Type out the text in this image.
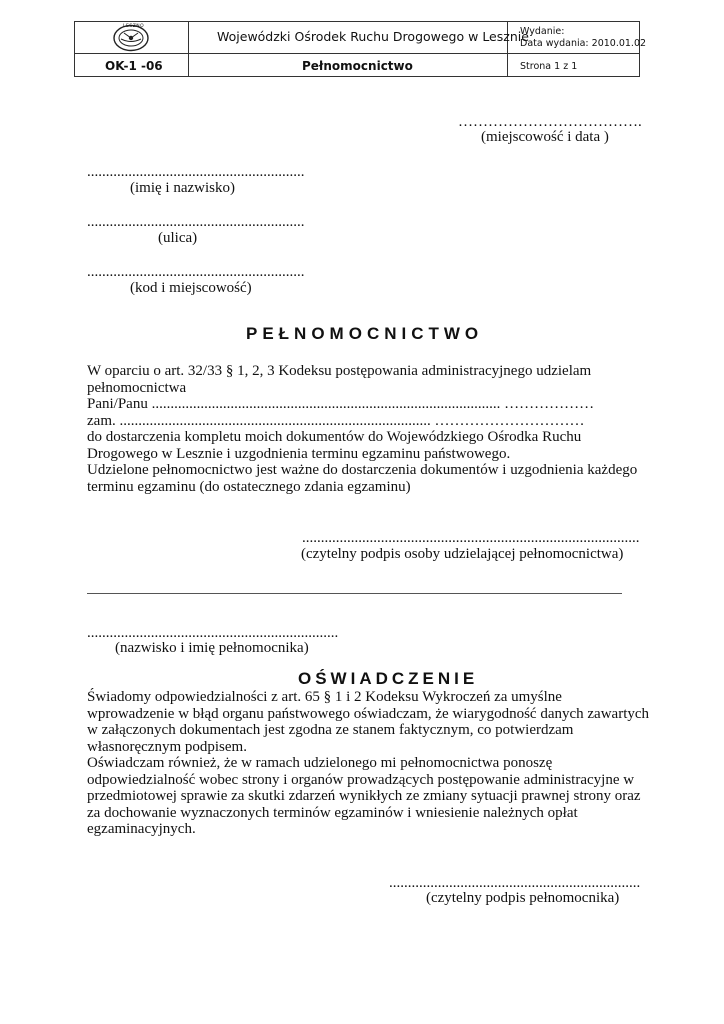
LESZNO
Wojewódzki Ośrodek Ruchu Drogowego w Lesznie
Wydanie:
Data wydania: 2010.01.02
OK-1 -06	Pełnomocnictwo	Strona 1 z 1
……………………………….
(miejscowość i data )
..........................................................
(imię i nazwisko)
..........................................................
(ulica)
..........................................................
(kod i miejscowość)
PEŁNOMOCNICTWO
W oparciu o art. 32/33 § 1, 2, 3 Kodeksu postępowania administracyjnego udzielam
pełnomocnictwa
Pani/Panu ............................................................................................. ………………
zam. ................................................................................... …………………………
do dostarczenia kompletu moich dokumentów do Wojewódzkiego Ośrodka Ruchu
Drogowego w Lesznie i uzgodnienia terminu egzaminu państwowego.
Udzielone pełnomocnictwo jest ważne do dostarczenia dokumentów i uzgodnienia każdego
terminu egzaminu (do ostatecznego zdania egzaminu)
..........................................................................................
(czytelny podpis osoby udzielającej pełnomocnictwa)
...................................................................
(nazwisko i imię pełnomocnika)
OŚWIADCZENIE
Świadomy odpowiedzialności z art. 65 § 1 i 2 Kodeksu Wykroczeń za umyślne
wprowadzenie w błąd organu państwowego oświadczam, że wiarygodność danych zawartych
w załączonych dokumentach jest zgodna ze stanem faktycznym, co potwierdzam
własnoręcznym podpisem.
Oświadczam również, że w ramach udzielonego mi pełnomocnictwa ponoszę
odpowiedzialność wobec strony i organów prowadzących postępowanie administracyjne w
przedmiotowej sprawie za skutki zdarzeń wynikłych ze zmiany sytuacji prawnej strony oraz
za dochowanie wyznaczonych terminów egzaminów i wniesienie należnych opłat
egzaminacyjnych.
...................................................................
(czytelny podpis pełnomocnika)
